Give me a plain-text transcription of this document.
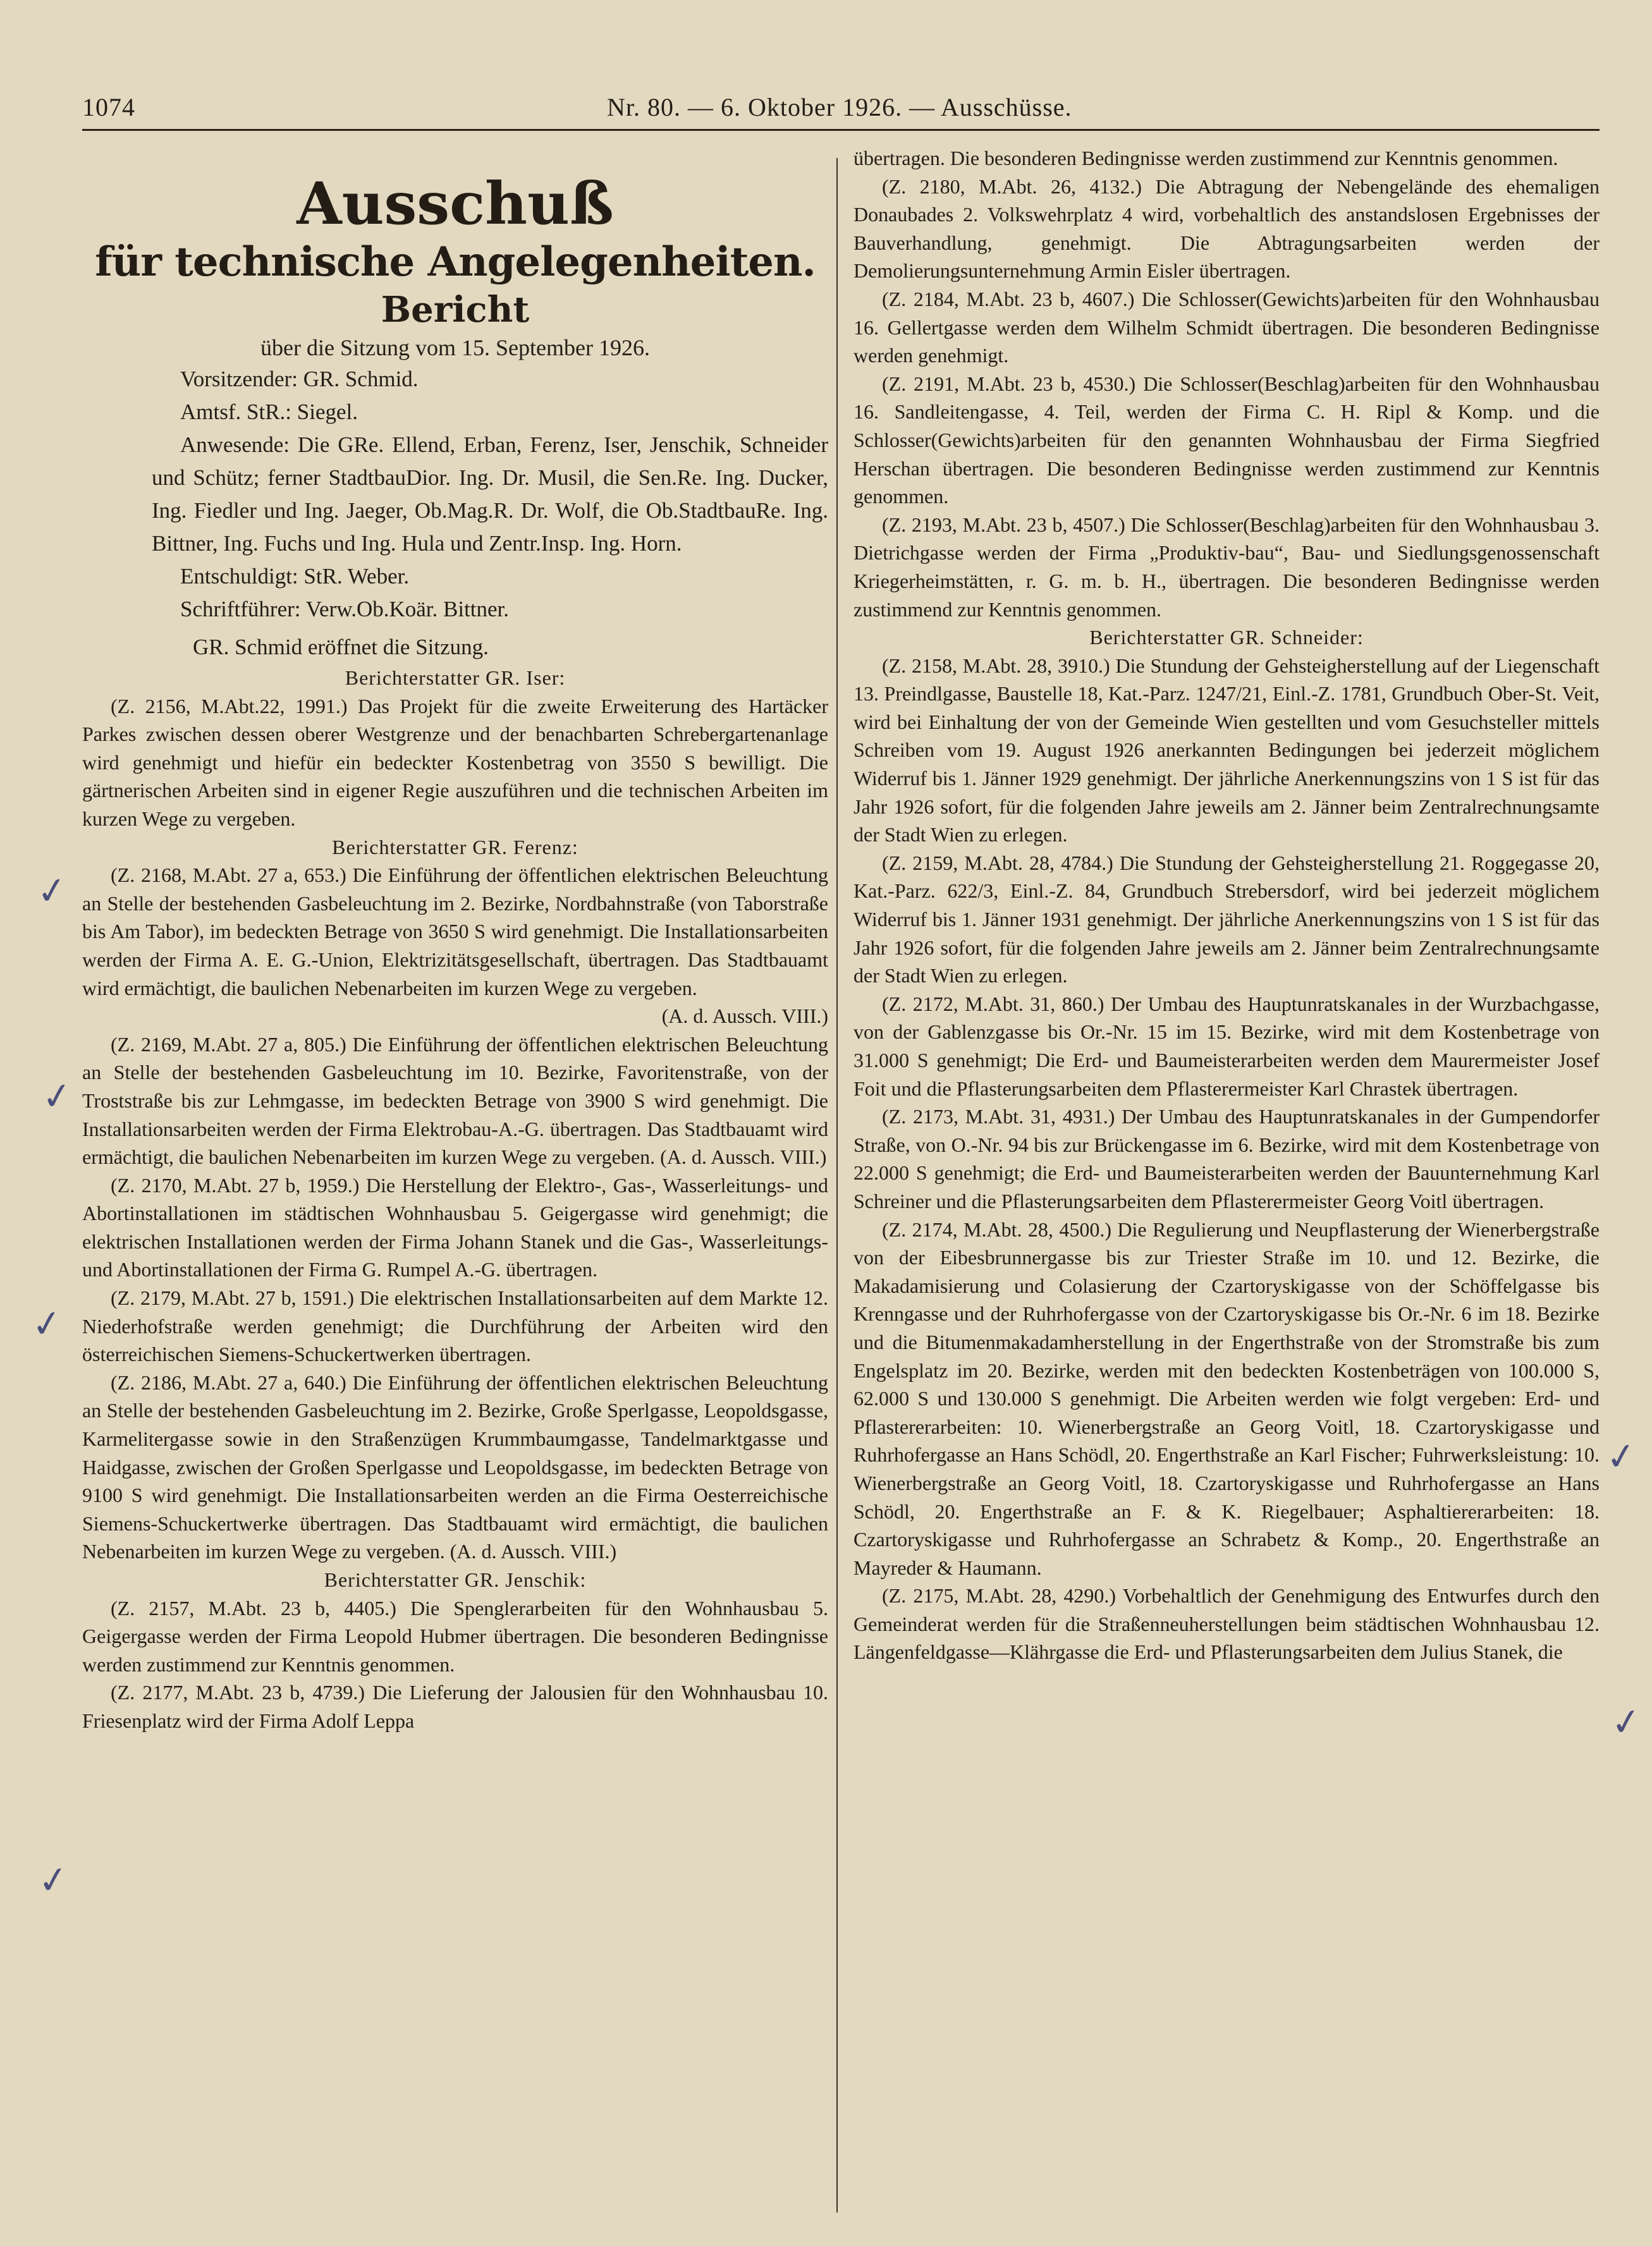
1074	Nr. 80. — 6. Oktober 1926. — Ausschüsse.
Ausschuß
für technische Angelegenheiten.
Bericht
über die Sitzung vom 15. September 1926.

Vorsitzender: GR. Schmid.

Amtsf. StR.: Siegel.

Anwesende: Die GRe. Ellend, Erban, Ferenz, Iser, Jenschik, Schneider und Schütz; ferner StadtbauDior. Ing. Dr. Musil, die Sen.Re. Ing. Ducker, Ing. Fiedler und Ing. Jaeger, Ob.Mag.R. Dr. Wolf, die Ob.StadtbauRe. Ing. Bittner, Ing. Fuchs und Ing. Hula und Zentr.Insp. Ing. Horn.

Entschuldigt: StR. Weber.

Schriftführer: Verw.Ob.Koär. Bittner.

GR. Schmid eröffnet die Sitzung.

Berichterstatter GR. Iser:

(Z. 2156, M.Abt.22, 1991.) Das Projekt für die zweite Erweiterung des Hartäcker Parkes zwischen dessen oberer Westgrenze und der benachbarten Schrebergartenanlage wird genehmigt und hiefür ein bedeckter Kostenbetrag von 3550 S bewilligt. Die gärtnerischen Arbeiten sind in eigener Regie auszuführen und die technischen Arbeiten im kurzen Wege zu vergeben.

Berichterstatter GR. Ferenz:

(Z. 2168, M.Abt. 27 a, 653.) Die Einführung der öffentlichen elektrischen Beleuchtung an Stelle der bestehenden Gasbeleuchtung im 2. Bezirke, Nordbahnstraße (von Taborstraße bis Am Tabor), im bedeckten Betrage von 3650 S wird genehmigt. Die Installationsarbeiten werden der Firma A. E. G.-Union, Elektrizitätsgesellschaft, übertragen. Das Stadtbauamt wird ermächtigt, die baulichen Nebenarbeiten im kurzen Wege zu vergeben.

(A. d. Aussch. VIII.)

(Z. 2169, M.Abt. 27 a, 805.) Die Einführung der öffentlichen elektrischen Beleuchtung an Stelle der bestehenden Gasbeleuchtung im 10. Bezirke, Favoritenstraße, von der Troststraße bis zur Lehmgasse, im bedeckten Betrage von 3900 S wird genehmigt. Die Installationsarbeiten werden der Firma Elektrobau-A.-G. übertragen. Das Stadtbauamt wird ermächtigt, die baulichen Nebenarbeiten im kurzen Wege zu vergeben. (A. d. Aussch. VIII.)

(Z. 2170, M.Abt. 27 b, 1959.) Die Herstellung der Elektro-, Gas-, Wasserleitungs- und Abortinstallationen im städtischen Wohnhausbau 5. Geigergasse wird genehmigt; die elektrischen Installationen werden der Firma Johann Stanek und die Gas-, Wasserleitungs- und Abortinstallationen der Firma G. Rumpel A.-G. übertragen.

(Z. 2179, M.Abt. 27 b, 1591.) Die elektrischen Installationsarbeiten auf dem Markte 12. Niederhofstraße werden genehmigt; die Durchführung der Arbeiten wird den österreichischen Siemens-Schuckertwerken übertragen.

(Z. 2186, M.Abt. 27 a, 640.) Die Einführung der öffentlichen elektrischen Beleuchtung an Stelle der bestehenden Gasbeleuchtung im 2. Bezirke, Große Sperlgasse, Leopoldsgasse, Karmelitergasse sowie in den Straßenzügen Krummbaumgasse, Tandelmarktgasse und Haidgasse, zwischen der Großen Sperlgasse und Leopoldsgasse, im bedeckten Betrage von 9100 S wird genehmigt. Die Installationsarbeiten werden an die Firma Oesterreichische Siemens-Schuckertwerke übertragen. Das Stadtbauamt wird ermächtigt, die baulichen Nebenarbeiten im kurzen Wege zu vergeben. (A. d. Aussch. VIII.)

Berichterstatter GR. Jenschik:

(Z. 2157, M.Abt. 23 b, 4405.) Die Spenglerarbeiten für den Wohnhausbau 5. Geigergasse werden der Firma Leopold Hubmer übertragen. Die besonderen Bedingnisse werden zustimmend zur Kenntnis genommen.

(Z. 2177, M.Abt. 23 b, 4739.) Die Lieferung der Jalousien für den Wohnhausbau 10. Friesenplatz wird der Firma Adolf Leppa

übertragen. Die besonderen Bedingnisse werden zustimmend zur Kenntnis genommen.

(Z. 2180, M.Abt. 26, 4132.) Die Abtragung der Nebengelände des ehemaligen Donaubades 2. Volkswehrplatz 4 wird, vorbehaltlich des anstandslosen Ergebnisses der Bauverhandlung, genehmigt. Die Abtragungsarbeiten werden der Demolierungsunternehmung Armin Eisler übertragen.

(Z. 2184, M.Abt. 23 b, 4607.) Die Schlosser(Gewichts)arbeiten für den Wohnhausbau 16. Gellertgasse werden dem Wilhelm Schmidt übertragen. Die besonderen Bedingnisse werden genehmigt.

(Z. 2191, M.Abt. 23 b, 4530.) Die Schlosser(Beschlag)arbeiten für den Wohnhausbau 16. Sandleitengasse, 4. Teil, werden der Firma C. H. Ripl & Komp. und die Schlosser(Gewichts)arbeiten für den genannten Wohnhausbau der Firma Siegfried Herschan übertragen. Die besonderen Bedingnisse werden zustimmend zur Kenntnis genommen.

(Z. 2193, M.Abt. 23 b, 4507.) Die Schlosser(Beschlag)arbeiten für den Wohnhausbau 3. Dietrichgasse werden der Firma „Produktiv-bau“, Bau- und Siedlungsgenossenschaft Kriegerheimstätten, r. G. m. b. H., übertragen. Die besonderen Bedingnisse werden zustimmend zur Kenntnis genommen.

Berichterstatter GR. Schneider:

(Z. 2158, M.Abt. 28, 3910.) Die Stundung der Gehsteigherstellung auf der Liegenschaft 13. Preindlgasse, Baustelle 18, Kat.-Parz. 1247/21, Einl.-Z. 1781, Grundbuch Ober-St. Veit, wird bei Einhaltung der von der Gemeinde Wien gestellten und vom Gesuchsteller mittels Schreiben vom 19. August 1926 anerkannten Bedingungen bei jederzeit möglichem Widerruf bis 1. Jänner 1929 genehmigt. Der jährliche Anerkennungszins von 1 S ist für das Jahr 1926 sofort, für die folgenden Jahre jeweils am 2. Jänner beim Zentralrechnungsamte der Stadt Wien zu erlegen.

(Z. 2159, M.Abt. 28, 4784.) Die Stundung der Gehsteigherstellung 21. Roggegasse 20, Kat.-Parz. 622/3, Einl.-Z. 84, Grundbuch Strebersdorf, wird bei jederzeit möglichem Widerruf bis 1. Jänner 1931 genehmigt. Der jährliche Anerkennungszins von 1 S ist für das Jahr 1926 sofort, für die folgenden Jahre jeweils am 2. Jänner beim Zentralrechnungsamte der Stadt Wien zu erlegen.

(Z. 2172, M.Abt. 31, 860.) Der Umbau des Hauptunratskanales in der Wurzbachgasse, von der Gablenzgasse bis Or.-Nr. 15 im 15. Bezirke, wird mit dem Kostenbetrage von 31.000 S genehmigt; Die Erd- und Baumeisterarbeiten werden dem Maurermeister Josef Foit und die Pflasterungsarbeiten dem Pflasterermeister Karl Chrastek übertragen.

(Z. 2173, M.Abt. 31, 4931.) Der Umbau des Hauptunratskanales in der Gumpendorfer Straße, von O.-Nr. 94 bis zur Brückengasse im 6. Bezirke, wird mit dem Kostenbetrage von 22.000 S genehmigt; die Erd- und Baumeisterarbeiten werden der Bauunternehmung Karl Schreiner und die Pflasterungsarbeiten dem Pflasterermeister Georg Voitl übertragen.

(Z. 2174, M.Abt. 28, 4500.) Die Regulierung und Neupflasterung der Wienerbergstraße von der Eibesbrunnergasse bis zur Triester Straße im 10. und 12. Bezirke, die Makadamisierung und Colasierung der Czartoryskigasse von der Schöffelgasse bis Krenngasse und der Ruhrhofergasse von der Czartoryskigasse bis Or.-Nr. 6 im 18. Bezirke und die Bitumenmakadamherstellung in der Engerthstraße von der Stromstraße bis zum Engelsplatz im 20. Bezirke, werden mit den bedeckten Kostenbeträgen von 100.000 S, 62.000 S und 130.000 S genehmigt. Die Arbeiten werden wie folgt vergeben: Erd- und Pflastererarbeiten: 10. Wienerbergstraße an Georg Voitl, 18. Czartoryskigasse und Ruhrhofergasse an Hans Schödl, 20. Engerthstraße an Karl Fischer; Fuhrwerksleistung: 10. Wienerbergstraße an Georg Voitl, 18. Czartoryskigasse und Ruhrhofergasse an Hans Schödl, 20. Engerthstraße an F. & K. Riegelbauer; Asphaltiererarbeiten: 18. Czartoryskigasse und Ruhrhofergasse an Schrabetz & Komp., 20. Engerthstraße an Mayreder & Haumann.

(Z. 2175, M.Abt. 28, 4290.) Vorbehaltlich der Genehmigung des Entwurfes durch den Gemeinderat werden für die Straßenneuherstellungen beim städtischen Wohnhausbau 12. Längenfeldgasse—Klährgasse die Erd- und Pflasterungsarbeiten dem Julius Stanek, die

✓
✓
✓
✓
✓
✓
